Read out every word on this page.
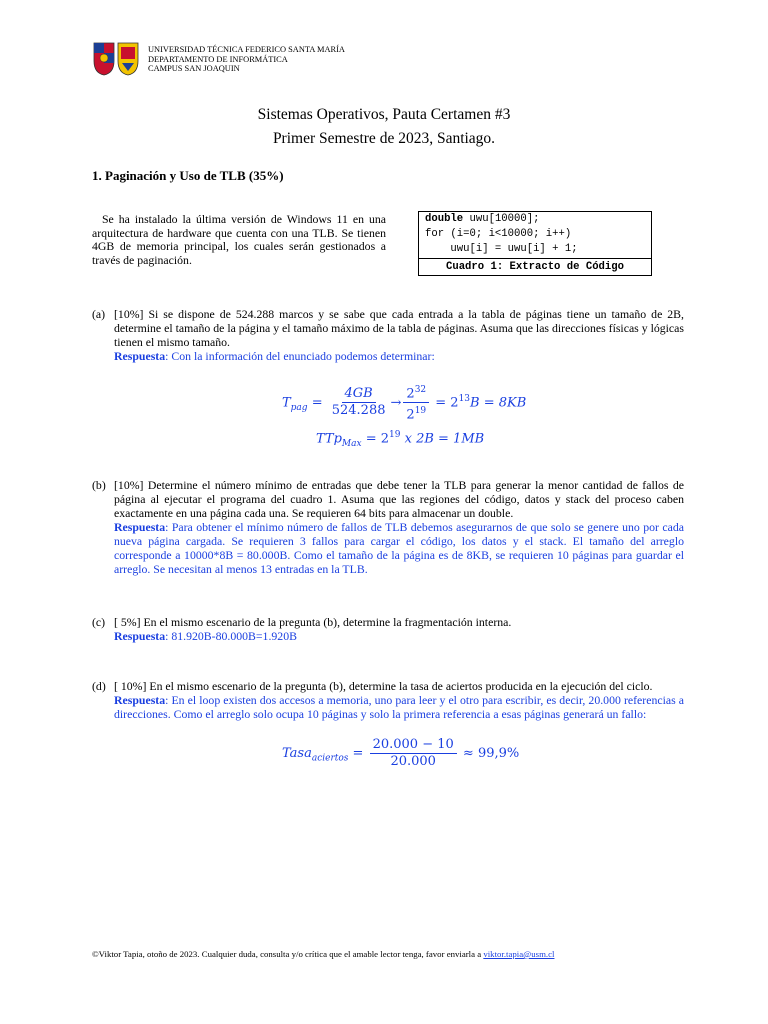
UNIVERSIDAD TÉCNICA FEDERICO SANTA MARÍA
DEPARTAMENTO DE INFORMÁTICA
CAMPUS SAN JOAQUIN
Sistemas Operativos, Pauta Certamen #3
Primer Semestre de 2023, Santiago.
1. Paginación y Uso de TLB (35%)
Se ha instalado la última versión de Windows 11 en una arquitectura de hardware que cuenta con una TLB. Se tienen 4GB de memoria principal, los cuales serán gestionados a través de paginación.
double uwu[10000];
for (i=0; i<10000; i++)
uwu[i] = uwu[i] + 1;
Cuadro 1: Extracto de Código
(a) [10%] Si se dispone de 524.288 marcos y se sabe que cada entrada a la tabla de páginas tiene un tamaño de 2B, determine el tamaño de la página y el tamaño máximo de la tabla de páginas. Asuma que las direcciones físicas y lógicas tienen el mismo tamaño.
Respuesta: Con la información del enunciado podemos determinar:
$T_{pag} = \frac{4GB}{524.288} \to \frac{2^{32}}{2^{19}} = 2^{13}B = 8KB$
$TTp_{Max} = 2^{19}$ x 2B = 1MB
(b) [10%] Determine el número mínimo de entradas que debe tener la TLB para generar la menor cantidad de fallos de página al ejecutar el programa del cuadro 1. Asuma que las regiones del código, datos y stack del proceso caben exactamente en una página cada una. Se requieren 64 bits para almacenar un double.
Respuesta: Para obtener el mínimo número de fallos de TLB debemos asegurarnos de que solo se genere uno por cada nueva página cargada. Se requieren 3 fallos para cargar el código, los datos y el stack. El tamaño del arreglo corresponde a 10000*8B = 80.000B. Como el tamaño de la página es de 8KB, se requieren 10 páginas para guardar el arreglo. Se necesitan al menos 13 entradas en la TLB.
(c) [ 5%] En el mismo escenario de la pregunta (b), determine la fragmentación interna.
Respuesta: 81.920B-80.000B=1.920B
(d) [ 10%] En el mismo escenario de la pregunta (b), determine la tasa de aciertos producida en la ejecución del ciclo.
Respuesta: En el loop existen dos accesos a memoria, uno para leer y el otro para escribir, es decir, 20.000 referencias a direcciones. Como el arreglo solo ocupa 10 páginas y solo la primera referencia a esas páginas generará un fallo:
Tasa$_{aciertos}$ = $\frac{20.000 - 10}{20.000} \approx 99,9\%$
©Viktor Tapia, otoño de 2023. Cualquier duda, consulta y/o crítica que el amable lector tenga, favor enviarla a viktor.tapia@usm.cl
